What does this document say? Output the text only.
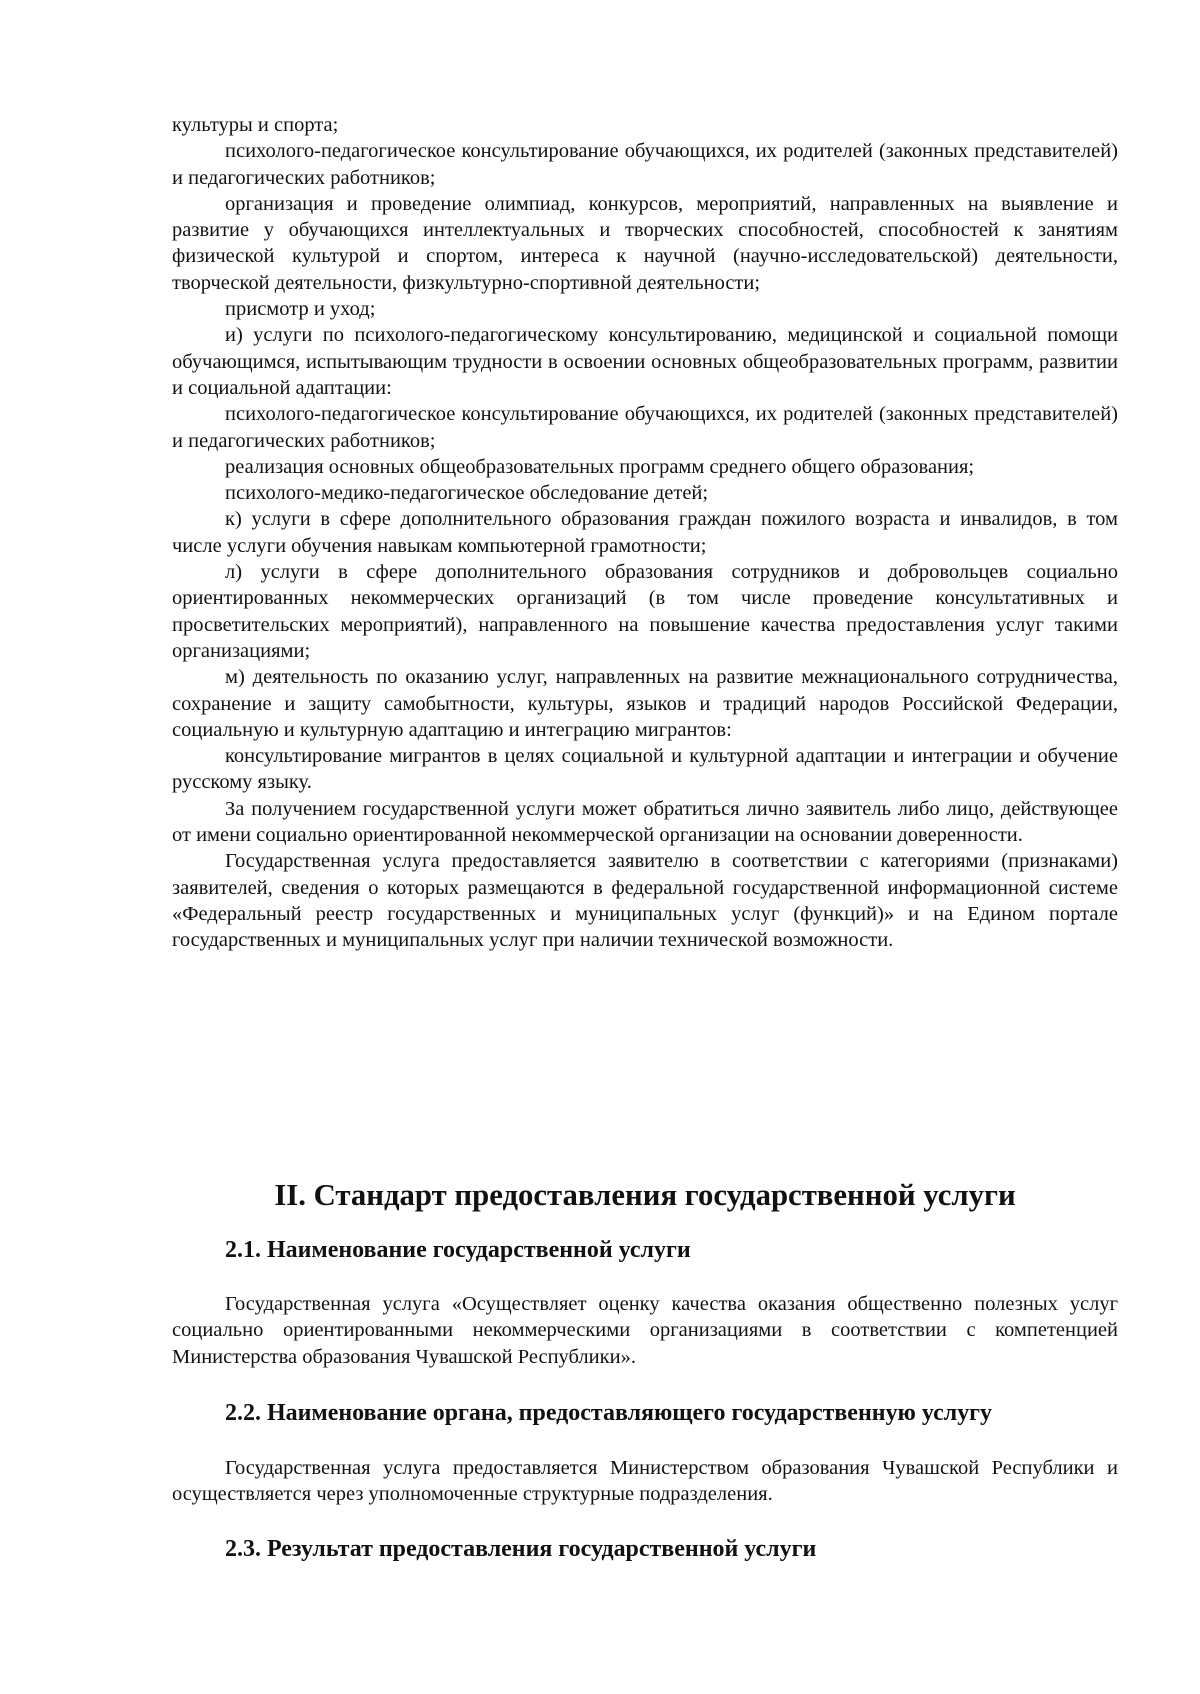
культуры и спорта;

психолого-педагогическое консультирование обучающихся, их родителей (законных представителей) и педагогических работников;

организация и проведение олимпиад, конкурсов, мероприятий, направленных на выявление и развитие у обучающихся интеллектуальных и творческих способностей, способностей к занятиям физической культурой и спортом, интереса к научной (научно-исследовательской) деятельности, творческой деятельности, физкультурно-спортивной деятельности;

присмотр и уход;

и) услуги по психолого-педагогическому консультированию, медицинской и социальной помощи обучающимся, испытывающим трудности в освоении основных общеобразовательных программ, развитии и социальной адаптации:

психолого-педагогическое консультирование обучающихся, их родителей (законных представителей) и педагогических работников;

реализация основных общеобразовательных программ среднего общего образования;

психолого-медико-педагогическое обследование детей;

к) услуги в сфере дополнительного образования граждан пожилого возраста и инвалидов, в том числе услуги обучения навыкам компьютерной грамотности;

л) услуги в сфере дополнительного образования сотрудников и добровольцев социально ориентированных некоммерческих организаций (в том числе проведение консультативных и просветительских мероприятий), направленного на повышение качества предоставления услуг такими организациями;

м) деятельность по оказанию услуг, направленных на развитие межнационального сотрудничества, сохранение и защиту самобытности, культуры, языков и традиций народов Российской Федерации, социальную и культурную адаптацию и интеграцию мигрантов:

консультирование мигрантов в целях социальной и культурной адаптации и интеграции и обучение русскому языку.

За получением государственной услуги может обратиться лично заявитель либо лицо, действующее от имени социально ориентированной некоммерческой организации на основании доверенности.

Государственная услуга предоставляется заявителю в соответствии с категориями (признаками) заявителей, сведения о которых размещаются в федеральной государственной информационной системе «Федеральный реестр государственных и муниципальных услуг (функций)» и на Едином портале государственных и муниципальных услуг при наличии технической возможности.

II. Стандарт предоставления государственной услуги
2.1. Наименование государственной услуги

Государственная услуга «Осуществляет оценку качества оказания общественно полезных услуг социально ориентированными некоммерческими организациями в соответствии с компетенцией Министерства образования Чувашской Республики».

2.2. Наименование органа, предоставляющего государственную услугу

Государственная услуга предоставляется Министерством образования Чувашской Республики и осуществляется через уполномоченные структурные подразделения.

2.3. Результат предоставления государственной услуги
